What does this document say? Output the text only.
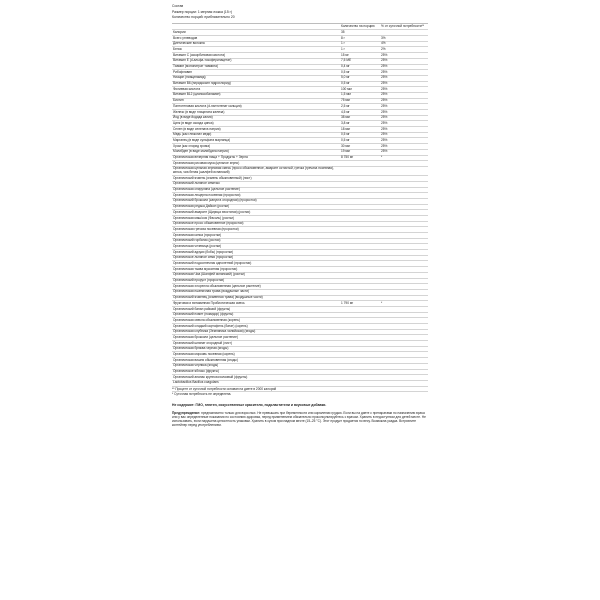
Состав
Размер порции: 1 мерная ложка (15 г)
Количество порций: приблизительно 20
	Количество на порцию	% от суточной потребности**
Калории	35	
Всего углеводов	8 г	3%
Диетические волокна	1 г	4%
Белок	1 г	2%
Витамин С (аскорбиновая кислота)	15 мг	25%
Витамин Е (d-альфа-токоферилацетат)	7,5 МЕ	25%
Тиамин (мононитрат тиамина)	0,4 мг	25%
Рибофлавин	0,5 мг	25%
Ниацин (ниацинамид)	5,0 мг	25%
Витамин B6 (пиридоксин гидрохлорид)	0,5 мг	25%
Фолиевая кислота	100 мкг	25%
Витамин B12 (цианокобаламин)	1,5 мкг	25%
Биотин	75 мкг	25%
Пантотеновая кислота (d-пантотенат кальция)	2,5 мг	25%
Железо (в виде глицината железа)	4,5 мг	25%
Йод (в виде йодида калия)	38 мкг	25%
Цинк (в виде оксида цинка)	3,8 мг	25%
Селен (в виде селената натрия)	18 мкг	25%
Медь (как глюконат меди)	0,5 мг	25%
Марганец (в виде сульфата марганца)	0,5 мг	25%
Хром (как хлорид хрома)	30 мкг	25%
Молибден (в виде молибдата натрия)	19 мкг	25%
Органическая вечерняя пища + Продукты + Зерна	8 750 мг	*
Органическая рисовая мука (цельное зерно)		
Органическая цельная зерновая смесь (просо обыкновенное, амарант остистый, гречка (гречиха посевная), киноа, чиа белая (шалфей испанский)		
Органический ячмень (ячмень обыкновенный) (лист)		
Органический льняное семечко		
Органическая спирулина (цельное растение)		
Органическая люцерна посевная (проростки)		
Органический брокколи (капуста огородная) (проростки)		
Органическая редька Дайкон (ростки)		
Органический амарант (Щирица хвостатая) (ростки)		
Органическая маш/соя (Фасоль) (ростки)		
Органическое просо обыкновенное (проростки)		
Органическая гречиха посевная (проростки)		
Органическая киноа (проростки)		
Органический горбанзо (ростки)		
Органическая чечевица (ростки)		
Органический адзуки (бобы) (проростки)		
Органическое льняное семя (проростки)		
Органический подсолнечник однолетний (проростки)		
Органическая тыква мускатная (проростки)		
Органическая Чиа (Шалфей испанский) (ростки)		
Органический проруст (проростки)		
Органическая хлорелла обыкновенная (цельное растение)		
Органическая пшеничная трава (воздушные части)		
Органический ячменец (ячменная трава) (воздушные части)		
Фруктовая и витаминная Пробиотическая смесь	1 790 мг	*
Органический банан райский (фрукты)		
Органический помет (помидор) (фрукты)		
Органическая свекла обыкновенная (корень)		
Органический сладкий картофель (батат) (корень)		
Органическая клубника (Земляника чилийская) (ягоды)		
Органическая брокколи (цельное растение)		
Органический шпинат огородный (лист)		
Органическая брюква черная (ягоды)		
Органическая морковь посевная (корень)		
Органическая вишня обыкновенная (ягоды)		
Органическая черника (ягоды)		
Органическое яблоко (фрукты)		
Органический ананас крупнохохолковый (фрукты)		
Lactobacillus Bacillus coagulans		
** Процент от суточной потребности основан на диете в 2000 калорий
* Суточная потребность не определена.
Не содержит: ГМО, глютен, искусственные красители, подсластители и вкусовые добавки.
Предупреждение: предназначено только для взрослых. Не превышать при беременности или кормлении грудью. Если вы на диете с препаратами по назначению врача или у вас определенные показания по состоянию здоровья, перед применением обязательно проконсультируйтесь с врачом. Хранить в недоступном для детей месте. Не использовать, если нарушена целостность упаковки. Хранить в сухом прохладном месте (15–25 °С). Этот продукт продается по весу. Возможна усадка. Встряхните контейнер перед употреблением.
